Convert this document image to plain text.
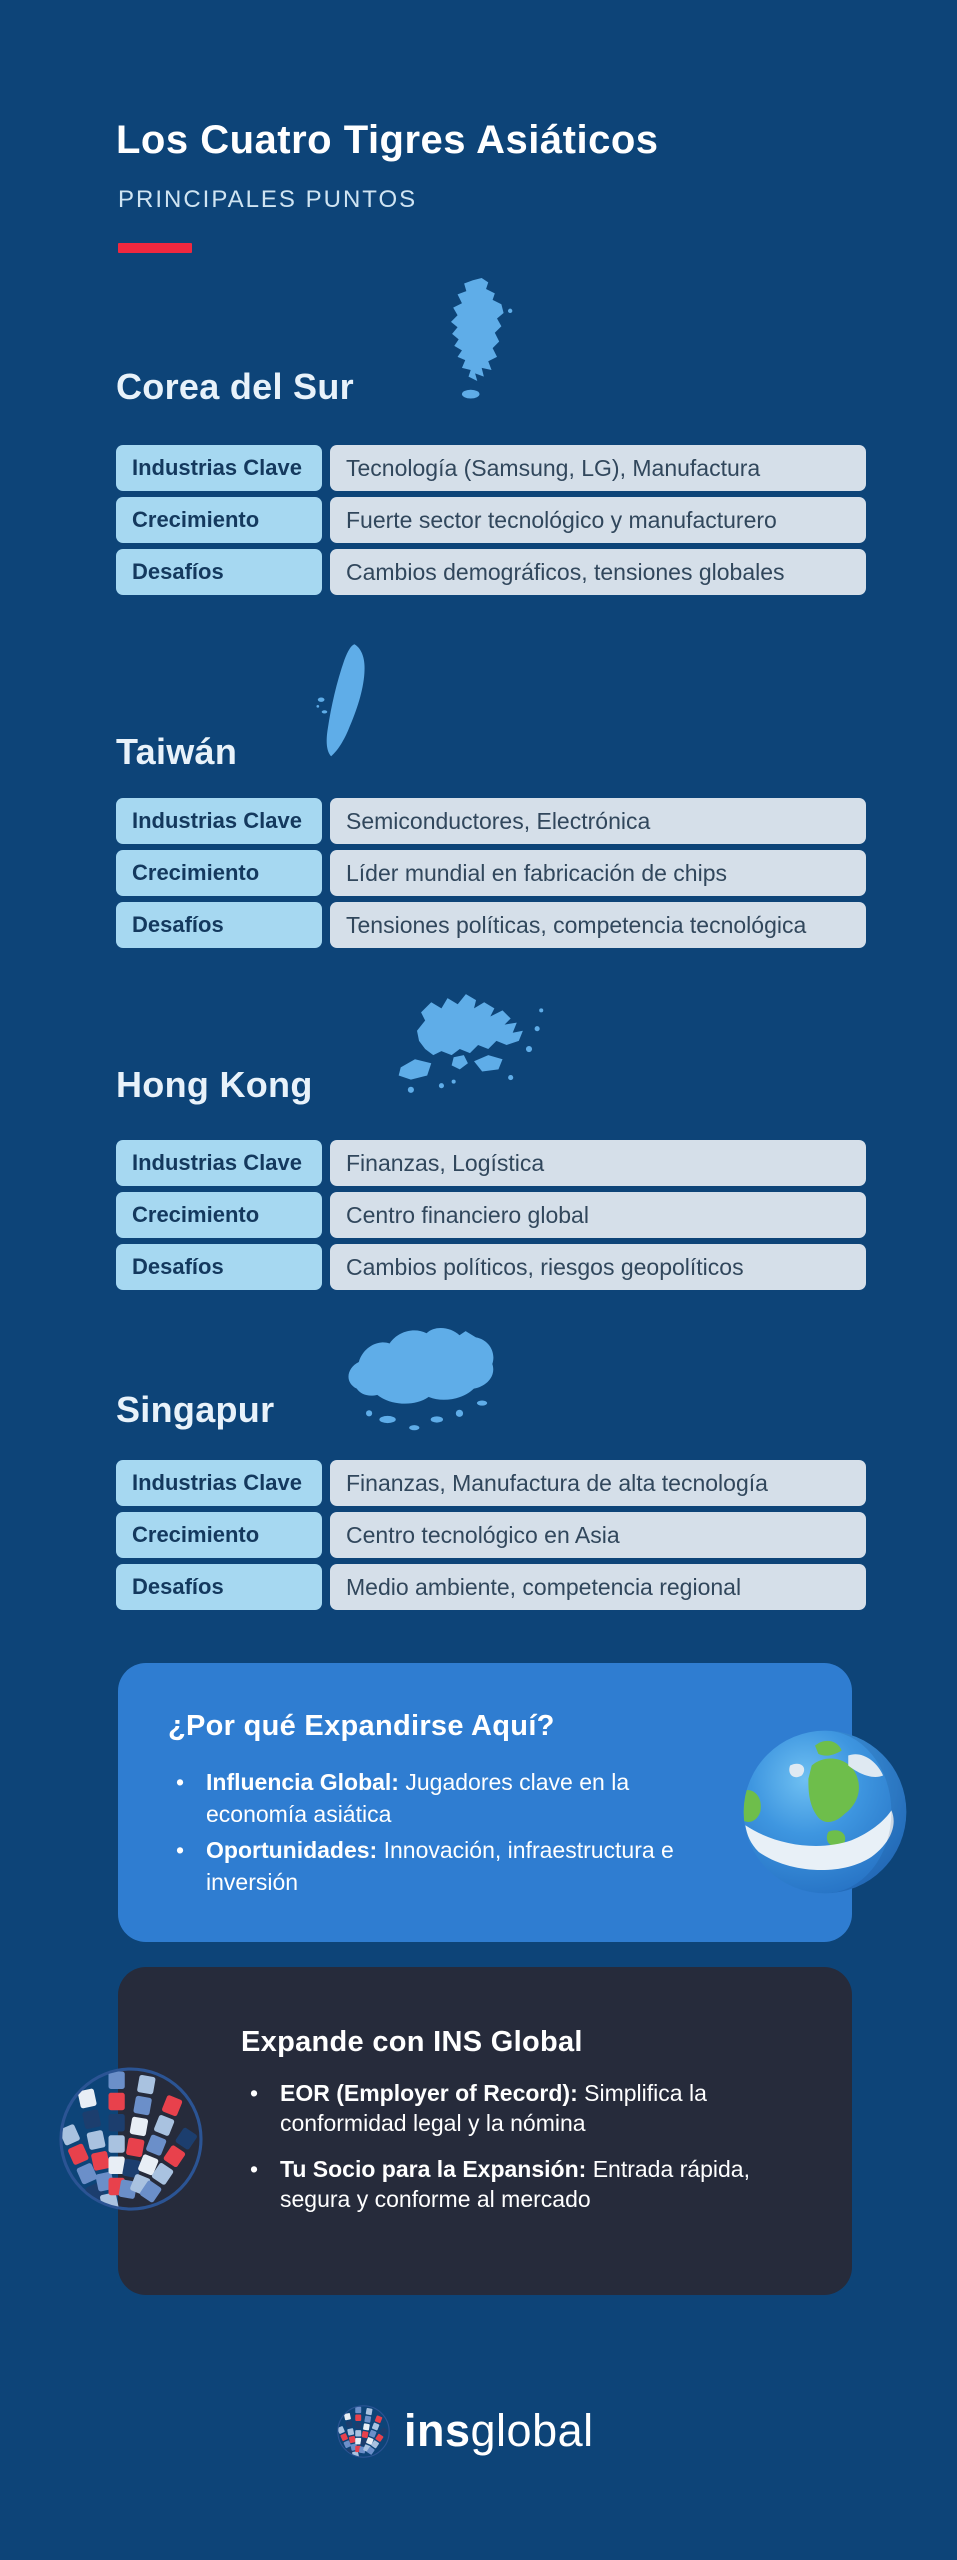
Los Cuatro Tigres Asiáticos
PRINCIPALES PUNTOS
Corea del Sur
Industrias Clave	Tecnología (Samsung, LG), Manufactura
Crecimiento	Fuerte sector tecnológico y manufacturero
Desafíos	Cambios demográficos, tensiones globales
Taiwán
Industrias Clave	Semiconductores, Electrónica
Crecimiento	Líder mundial en fabricación de chips
Desafíos	Tensiones políticas, competencia tecnológica
Hong Kong
Industrias Clave	Finanzas, Logística
Crecimiento	Centro financiero global
Desafíos	Cambios políticos, riesgos geopolíticos
Singapur
Industrias Clave	Finanzas, Manufactura de alta tecnología
Crecimiento	Centro tecnológico en Asia
Desafíos	Medio ambiente, competencia regional
¿Por qué Expandirse Aquí?
• Influencia Global: Jugadores clave en la economía asiática
• Oportunidades: Innovación, infraestructura e inversión
Expande con INS Global
• EOR (Employer of Record): Simplifica la conformidad legal y la nómina
• Tu Socio para la Expansión: Entrada rápida, segura y conforme al mercado
insglobal
